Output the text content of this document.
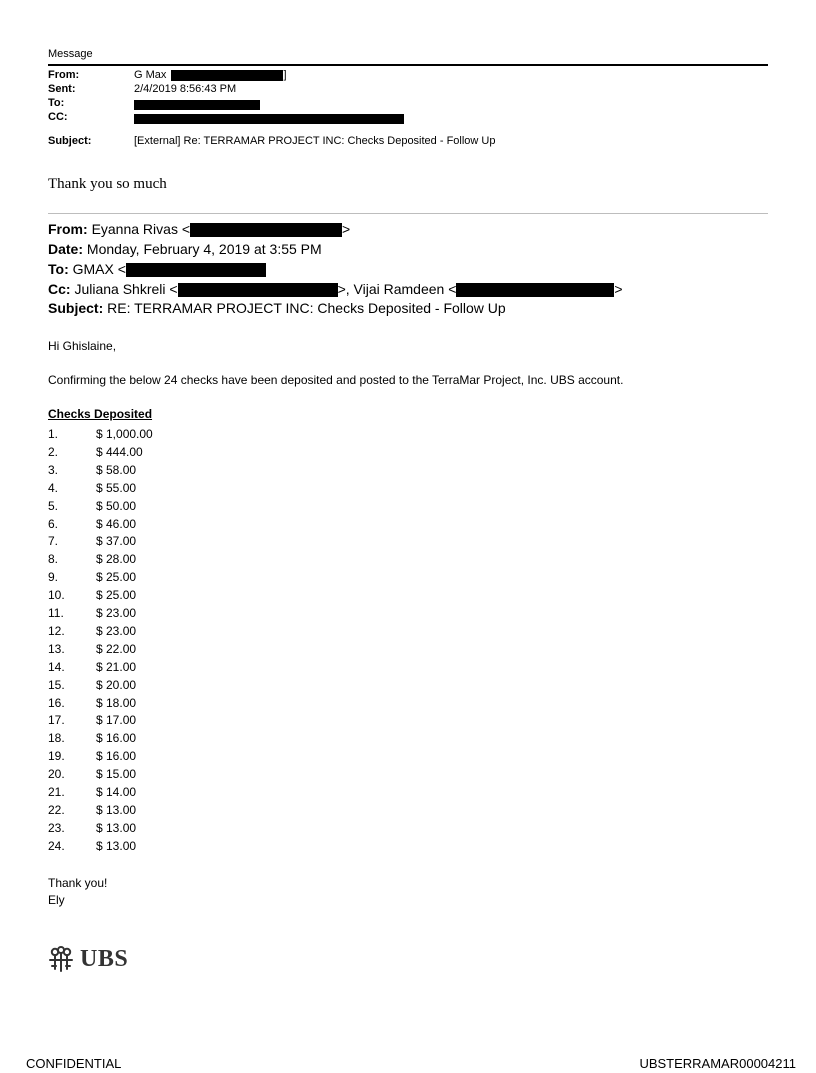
Message
From:	G Max	]
Sent:	2/4/2019 8:56:43 PM
To:
CC:
Subject:	[External] Re: TERRAMAR PROJECT INC: Checks Deposited - Follow Up
Thank you so much
From: Eyanna Rivas <	>
Date: Monday, February 4, 2019 at 3:55 PM
To: GMAX <
Cc: Juliana Shkreli <	>, Vijai Ramdeen <	>
Subject: RE: TERRAMAR PROJECT INC: Checks Deposited - Follow Up
Hi Ghislaine,
Confirming the below 24 checks have been deposited and posted to the TerraMar Project, Inc. UBS account.
Checks Deposited
1.	$ 1,000.00
2.	$ 444.00
3.	$ 58.00
4.	$ 55.00
5.	$ 50.00
6.	$ 46.00
7.	$ 37.00
8.	$ 28.00
9.	$ 25.00
10.	$ 25.00
11.	$ 23.00
12.	$ 23.00
13.	$ 22.00
14.	$ 21.00
15.	$ 20.00
16.	$ 18.00
17.	$ 17.00
18.	$ 16.00
19.	$ 16.00
20.	$ 15.00
21.	$ 14.00
22.	$ 13.00
23.	$ 13.00
24.	$ 13.00
Thank you!
Ely
UBS
CONFIDENTIAL	UBSTERRAMAR00004211
